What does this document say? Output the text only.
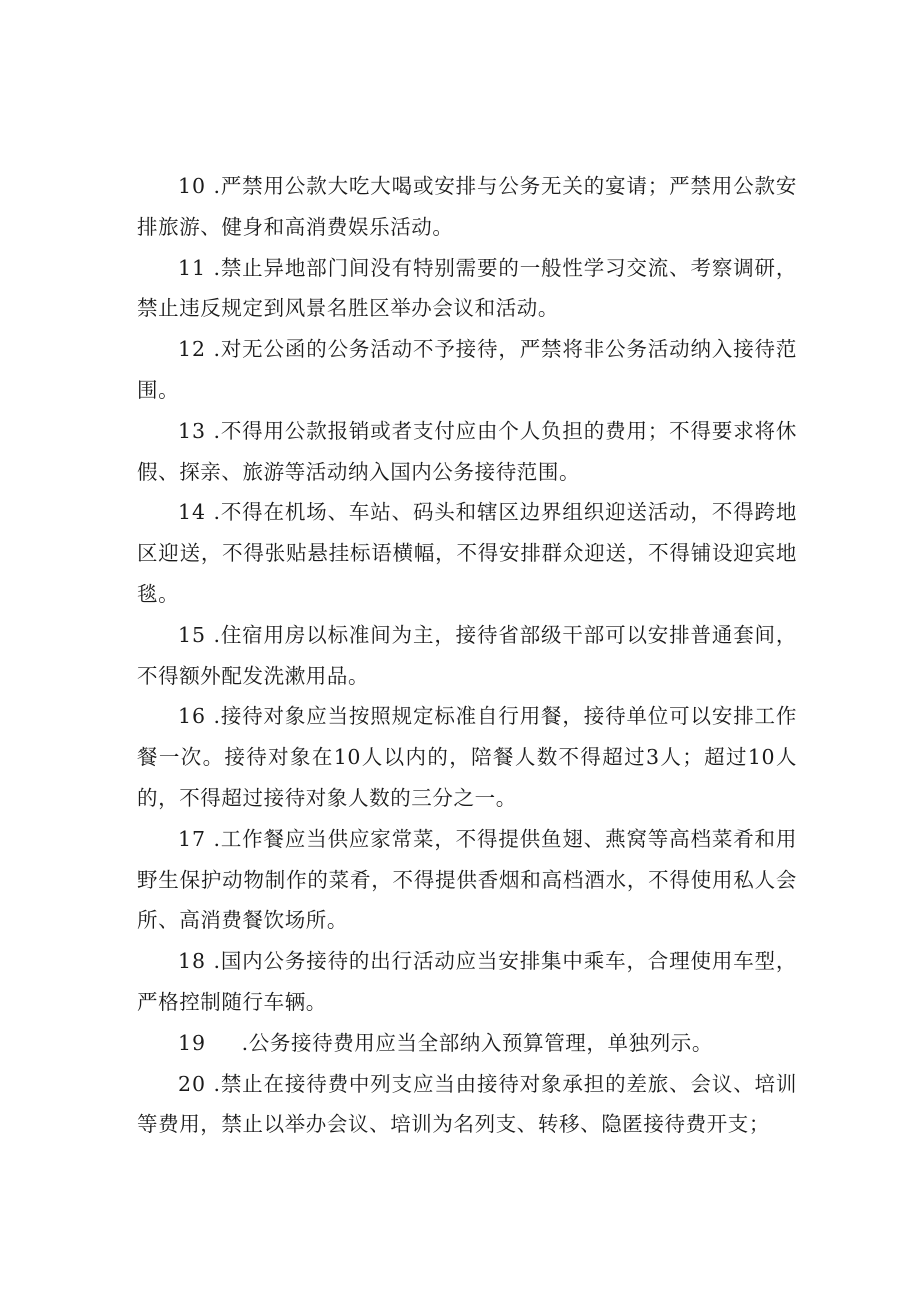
10 .严禁用公款大吃大喝或安排与公务无关的宴请；严禁用公款安排旅游、健身和高消费娱乐活动。

11 .禁止异地部门间没有特别需要的一般性学习交流、考察调研，禁止违反规定到风景名胜区举办会议和活动。

12 .对无公函的公务活动不予接待，严禁将非公务活动纳入接待范围。

13 .不得用公款报销或者支付应由个人负担的费用；不得要求将休假、探亲、旅游等活动纳入国内公务接待范围。

14 .不得在机场、车站、码头和辖区边界组织迎送活动，不得跨地区迎送，不得张贴悬挂标语横幅，不得安排群众迎送，不得铺设迎宾地毯。

15 .住宿用房以标准间为主，接待省部级干部可以安排普通套间，不得额外配发洗漱用品。

16 .接待对象应当按照规定标准自行用餐，接待单位可以安排工作餐一次。接待对象在10人以内的，陪餐人数不得超过3人；超过10人的，不得超过接待对象人数的三分之一。

17 .工作餐应当供应家常菜，不得提供鱼翅、燕窝等高档菜肴和用野生保护动物制作的菜肴，不得提供香烟和高档酒水，不得使用私人会所、高消费餐饮场所。

18 .国内公务接待的出行活动应当安排集中乘车，合理使用车型，严格控制随行车辆。

19     .公务接待费用应当全部纳入预算管理，单独列示。

20 .禁止在接待费中列支应当由接待对象承担的差旅、会议、培训等费用，禁止以举办会议、培训为名列支、转移、隐匿接待费开支；
